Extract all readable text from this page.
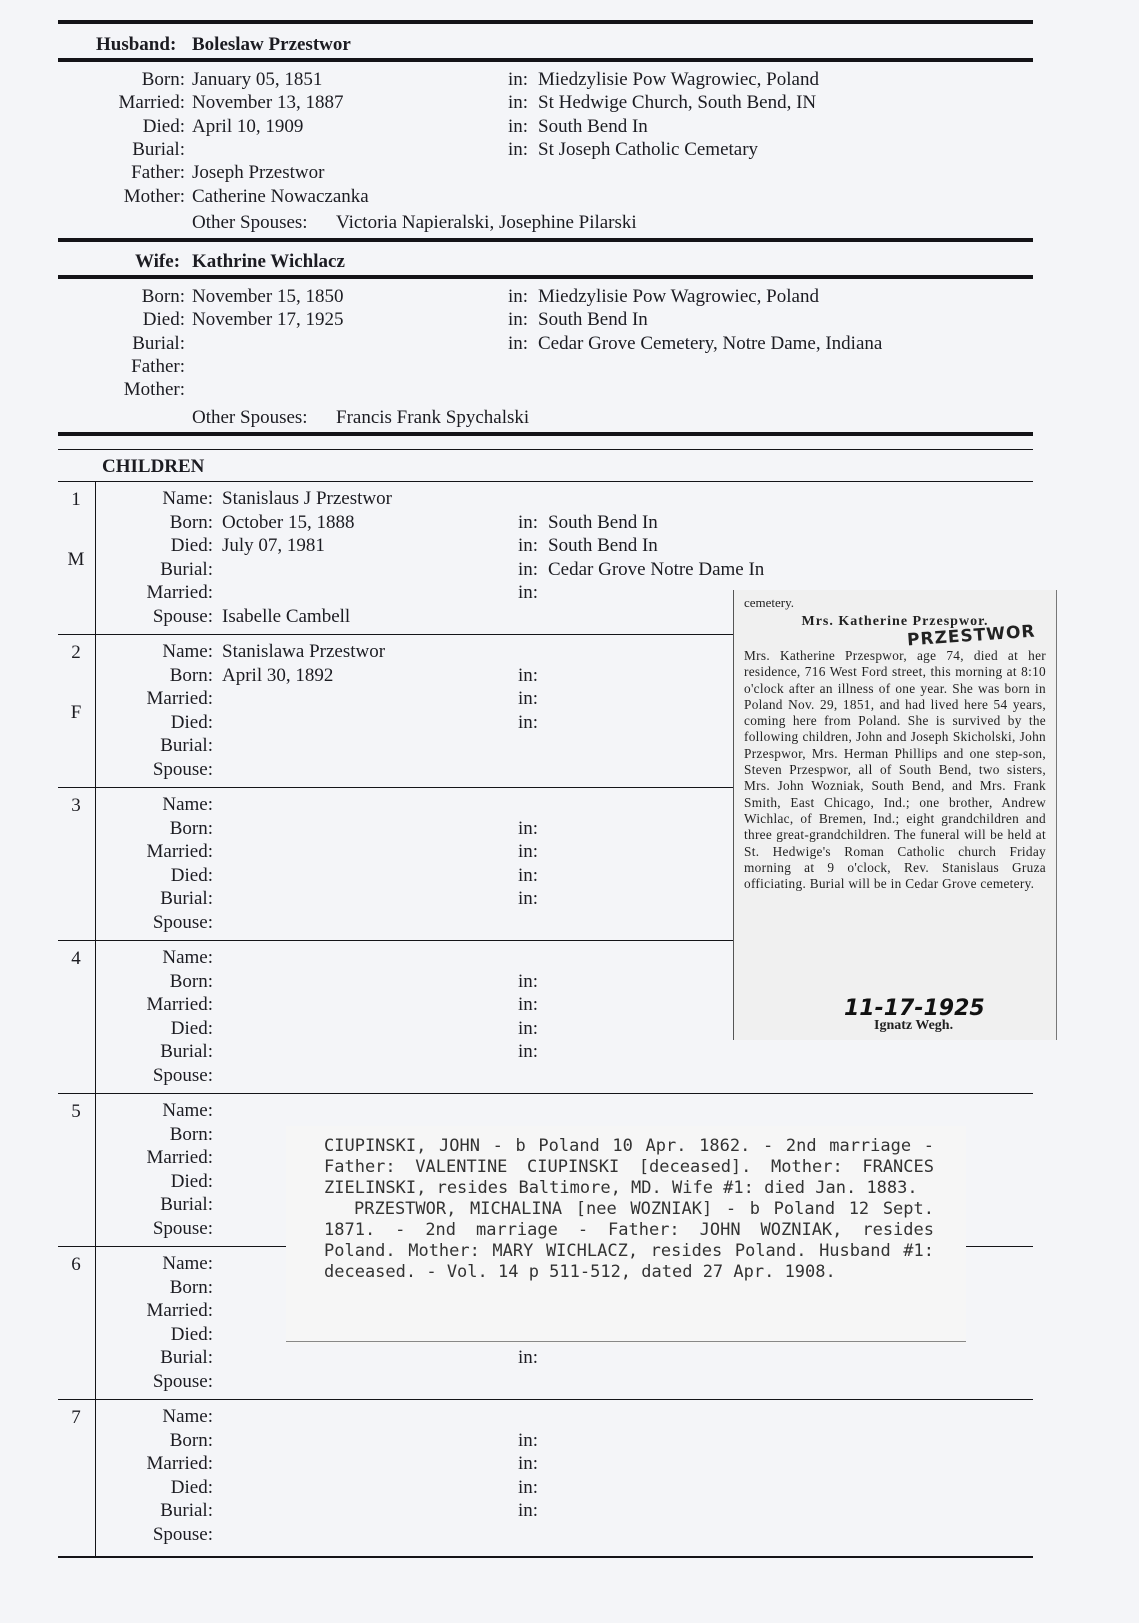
Husband: Boleslaw Przestwor
Born: January 05, 1851	in: Miedzylisie Pow Wagrowiec, Poland
Married: November 13, 1887	in: St Hedwige Church, South Bend, IN
Died: April 10, 1909	in: South Bend In
Burial:	in: St Joseph Catholic Cemetary
Father: Joseph Przestwor
Mother: Catherine Nowaczanka
Other Spouses: Victoria Napieralski, Josephine Pilarski
Wife: Kathrine Wichlacz
Born: November 15, 1850	in: Miedzylisie Pow Wagrowiec, Poland
Died: November 17, 1925	in: South Bend In
Burial:	in: Cedar Grove Cemetery, Notre Dame, Indiana
Father:
Mother:
Other Spouses: Francis Frank Spychalski
CHILDREN
1
M
Name: Stanislaus J Przestwor
Born: October 15, 1888	in: South Bend In
Died: July 07, 1981	in: South Bend In
Burial:	in: Cedar Grove Notre Dame In
Married:	in:
Spouse: Isabelle Cambell
2
F
Name: Stanislawa Przestwor
Born: April 30, 1892	in:
Married:	in:
Died:	in:
Burial:
Spouse:
3	Name:
Born:	in:
Married:	in:
Died:	in:
Burial:	in:
Spouse:
4	Name:
Born:	in:
Married:	in:
Died:	in:
Burial:	in:
Spouse:
5	Name:
Born:
Married:
Died:
Burial:
Spouse:
6	Name:
Born:
Married:
Died:
Burial:	in:
Spouse:
7	Name:
Born:	in:
Married:	in:
Died:	in:
Burial:	in:
Spouse:
cemetery.
Mrs. Katherine Przespwor.
PRZESTWOR
Mrs. Katherine Przespwor, age 74, died at her residence, 716 West Ford street, this morning at 8:10 o'clock after an illness of one year. She was born in Poland Nov. 29, 1851, and had lived here 54 years, coming here from Poland. She is survived by the following children, John and Joseph Skicholski, John Przespwor, Mrs. Herman Phillips and one step-son, Steven Przespwor, all of South Bend, two sisters, Mrs. John Wozniak, South Bend, and Mrs. Frank Smith, East Chicago, Ind.; one brother, Andrew Wichlac, of Bremen, Ind.; eight grandchildren and three great-grandchildren. The funeral will be held at St. Hedwige's Roman Catholic church Friday morning at 9 o'clock, Rev. Stanislaus Gruza officiating. Burial will be in Cedar Grove cemetery.
11-17-1925
Ignatz Wegh.

CIUPINSKI, JOHN - b Poland 10 Apr. 1862. - 2nd marriage - Father: VALENTINE CIUPINSKI [deceased]. Mother: FRANCES ZIELINSKI, resides Baltimore, MD. Wife #1: died Jan. 1883.

PRZESTWOR, MICHALINA [nee WOZNIAK] - b Poland 12 Sept. 1871. - 2nd marriage - Father: JOHN WOZNIAK, resides Poland. Mother: MARY WICHLACZ, resides Poland. Husband #1: deceased. - Vol. 14 p 511-512, dated 27 Apr. 1908.
